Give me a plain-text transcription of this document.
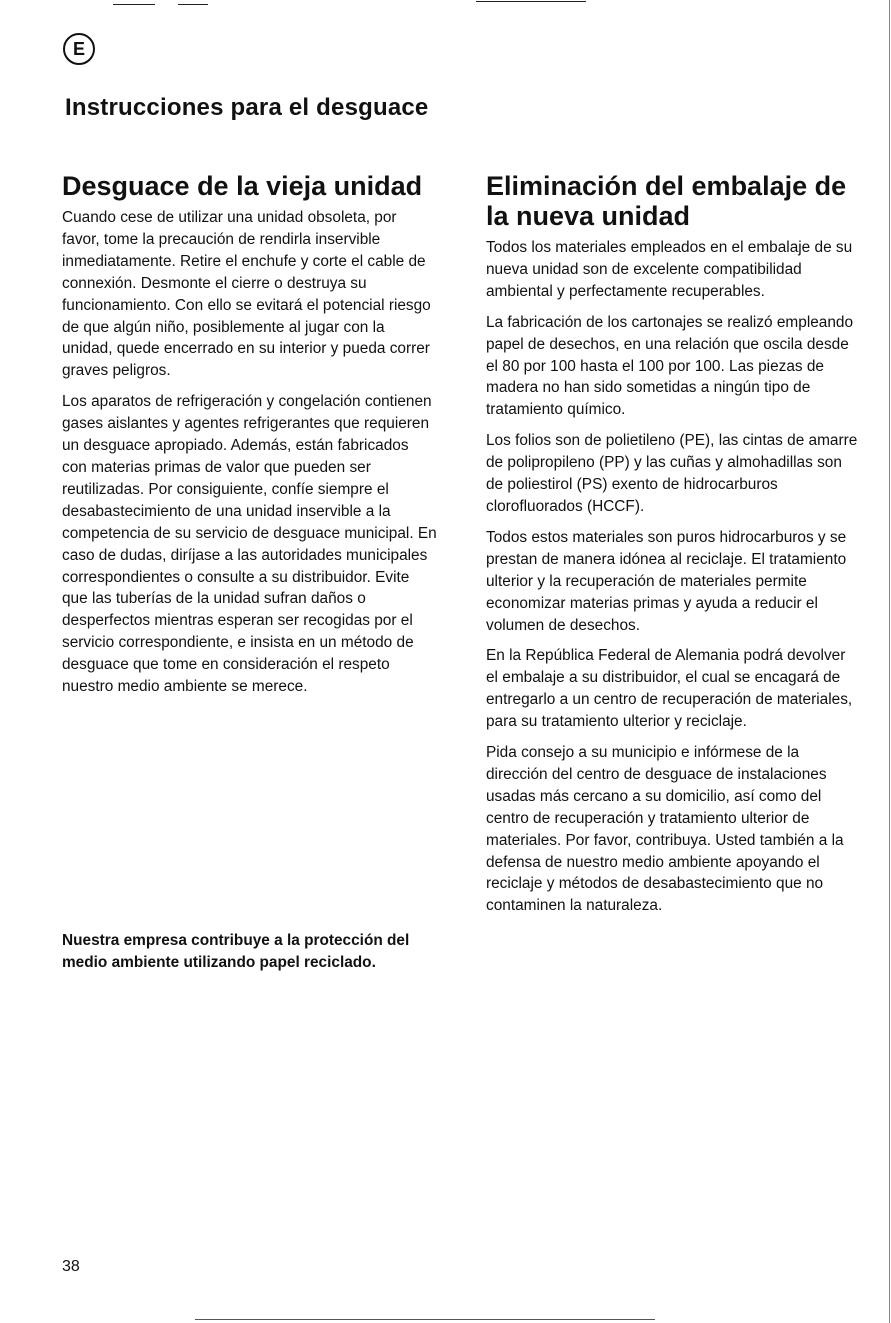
E
Instrucciones para el desguace
Desguace de la vieja unidad

Cuando cese de utilizar una unidad obsoleta, por favor, tome la precaución de rendirla inservible inmediatamente. Retire el enchufe y corte el cable de connexión. Desmonte el cierre o destruya su funcionamiento. Con ello se evitará el potencial riesgo de que algún niño, posiblemente al jugar con la unidad, quede encerrado en su interior y pueda correr graves peligros.

Los aparatos de refrigeración y congelación contienen gases aislantes y agentes refrigerantes que requieren un desguace apropiado. Además, están fabricados con materias primas de valor que pueden ser reutilizadas. Por consiguiente, confíe siempre el desabastecimiento de una unidad inservible a la competencia de su servicio de desguace municipal. En caso de dudas, diríjase a las autoridades municipales correspondientes o consulte a su distribuidor. Evite que las tuberías de la unidad sufran daños o desperfectos mientras esperan ser recogidas por el servicio correspondiente, e insista en un método de desguace que tome en consideración el respeto nuestro medio ambiente se merece.

Nuestra empresa contribuye a la protección del medio ambiente utilizando papel reciclado.

Eliminación del embalaje de la nueva unidad

Todos los materiales empleados en el embalaje de su nueva unidad son de excelente compatibilidad ambiental y perfectamente recuperables.

La fabricación de los cartonajes se realizó empleando papel de desechos, en una relación que oscila desde el 80 por 100 hasta el 100 por 100. Las piezas de madera no han sido sometidas a ningún tipo de tratamiento químico.

Los folios son de polietileno (PE), las cintas de amarre de polipropileno (PP) y las cuñas y almohadillas son de poliestirol (PS) exento de hidrocarburos clorofluorados (HCCF).

Todos estos materiales son puros hidrocarburos y se prestan de manera idónea al reciclaje. El tratamiento ulterior y la recuperación de materiales permite economizar materias primas y ayuda a reducir el volumen de desechos.

En la República Federal de Alemania podrá devolver el embalaje a su distribuidor, el cual se encagará de entregarlo a un centro de recuperación de materiales, para su tratamiento ulterior y reciclaje.

Pida consejo a su municipio e infórmese de la dirección del centro de desguace de instalaciones usadas más cercano a su domicilio, así como del centro de recuperación y tratamiento ulterior de materiales. Por favor, contribuya. Usted también a la defensa de nuestro medio ambiente apoyando el reciclaje y métodos de desabastecimiento que no contaminen la naturaleza.

38
